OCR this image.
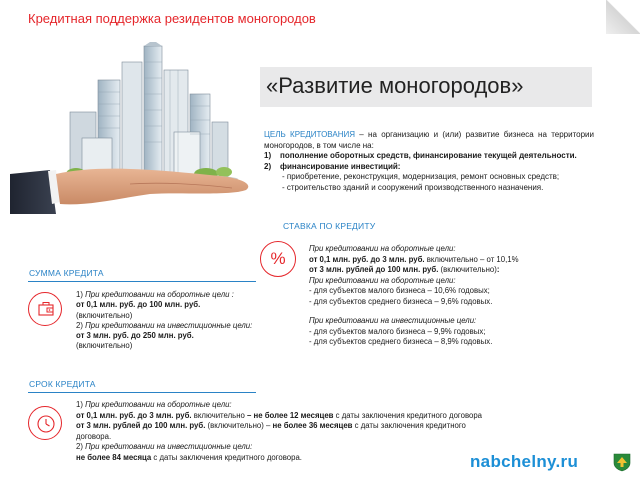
Кредитная поддержка резидентов моногородов
«Развитие моногородов»
ЦЕЛЬ КРЕДИТОВАНИЯ – на организацию и (или) развитие бизнеса на территории моногородов, в том числе на:
1)	пополнение оборотных средств, финансирование текущей деятельности.
2)	финансирование инвестиций:
- приобретение, реконструкция, модернизация, ремонт основных средств;
- строительство зданий и сооружений производственного назначения.
СТАВКА ПО КРЕДИТУ
%
При кредитовании на оборотные цели:
от 0,1 млн. руб. до 3 млн. руб. включительно – от 10,1%
от 3 млн. рублей до 100 млн. руб. (включительно):
При кредитовании на оборотные цели:
- для субъектов малого бизнеса – 10,6% годовых;
- для субъектов среднего бизнеса – 9,6% годовых.
При кредитовании на инвестиционные цели:
- для субъектов малого бизнеса – 9,9% годовых;
- для субъектов среднего бизнеса – 8,9% годовых.
СУММА КРЕДИТА
1) При кредитовании на оборотные цели :
от 0,1 млн. руб. до 100 млн. руб.
(включительно)
2) При кредитовании на инвестиционные цели:
от 3 млн. руб. до 250 млн. руб.
(включительно)
СРОК КРЕДИТА
1) При кредитовании на оборотные цели:
от 0,1 млн. руб. до 3 млн. руб. включительно – не более 12 месяцев с даты заключения кредитного договора
от 3 млн. рублей до 100 млн. руб. (включительно) – не более 36 месяцев с даты заключения кредитного
договора.
2) При кредитовании на инвестиционные цели:
не более 84 месяца с даты заключения кредитного договора.	nabchelny.ru
